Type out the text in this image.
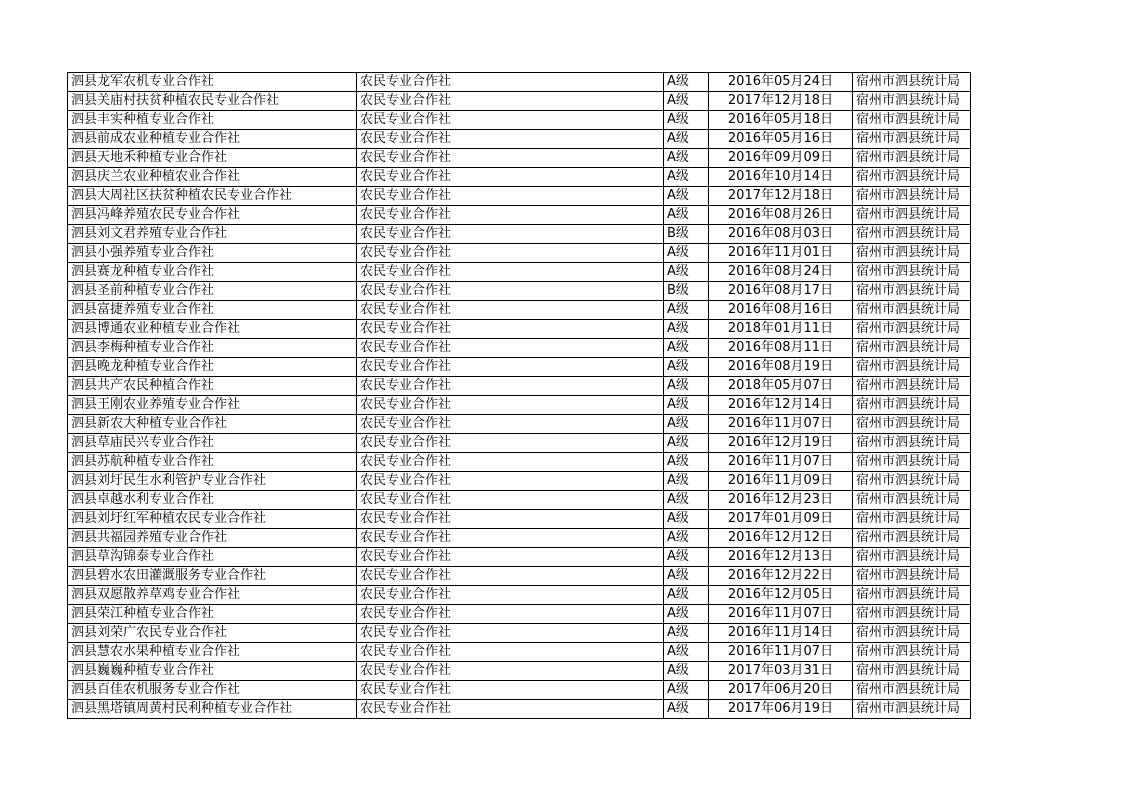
泗县龙军农机专业合作社	农民专业合作社	A级	2016年05月24日	宿州市泗县统计局
泗县关庙村扶贫种植农民专业合作社	农民专业合作社	A级	2017年12月18日	宿州市泗县统计局
泗县丰实种植专业合作社	农民专业合作社	A级	2016年05月18日	宿州市泗县统计局
泗县前成农业种植专业合作社	农民专业合作社	A级	2016年05月16日	宿州市泗县统计局
泗县天地禾种植专业合作社	农民专业合作社	A级	2016年09月09日	宿州市泗县统计局
泗县庆兰农业种植农业合作社	农民专业合作社	A级	2016年10月14日	宿州市泗县统计局
泗县大周社区扶贫种植农民专业合作社	农民专业合作社	A级	2017年12月18日	宿州市泗县统计局
泗县冯峰养殖农民专业合作社	农民专业合作社	A级	2016年08月26日	宿州市泗县统计局
泗县刘文君养殖专业合作社	农民专业合作社	B级	2016年08月03日	宿州市泗县统计局
泗县小强养殖专业合作社	农民专业合作社	A级	2016年11月01日	宿州市泗县统计局
泗县赛龙种植专业合作社	农民专业合作社	A级	2016年08月24日	宿州市泗县统计局
泗县圣前种植专业合作社	农民专业合作社	B级	2016年08月17日	宿州市泗县统计局
泗县富捷养殖专业合作社	农民专业合作社	A级	2016年08月16日	宿州市泗县统计局
泗县博通农业种植专业合作社	农民专业合作社	A级	2018年01月11日	宿州市泗县统计局
泗县李梅种植专业合作社	农民专业合作社	A级	2016年08月11日	宿州市泗县统计局
泗县晚龙种植专业合作社	农民专业合作社	A级	2016年08月19日	宿州市泗县统计局
泗县共产农民种植合作社	农民专业合作社	A级	2018年05月07日	宿州市泗县统计局
泗县王刚农业养殖专业合作社	农民专业合作社	A级	2016年12月14日	宿州市泗县统计局
泗县新农大种植专业合作社	农民专业合作社	A级	2016年11月07日	宿州市泗县统计局
泗县草庙民兴专业合作社	农民专业合作社	A级	2016年12月19日	宿州市泗县统计局
泗县苏航种植专业合作社	农民专业合作社	A级	2016年11月07日	宿州市泗县统计局
泗县刘圩民生水利管护专业合作社	农民专业合作社	A级	2016年11月09日	宿州市泗县统计局
泗县卓越水利专业合作社	农民专业合作社	A级	2016年12月23日	宿州市泗县统计局
泗县刘圩红军种植农民专业合作社	农民专业合作社	A级	2017年01月09日	宿州市泗县统计局
泗县共福园养殖专业合作社	农民专业合作社	A级	2016年12月12日	宿州市泗县统计局
泗县草沟锦泰专业合作社	农民专业合作社	A级	2016年12月13日	宿州市泗县统计局
泗县碧水农田灌溉服务专业合作社	农民专业合作社	A级	2016年12月22日	宿州市泗县统计局
泗县双愿散养草鸡专业合作社	农民专业合作社	A级	2016年12月05日	宿州市泗县统计局
泗县荣江种植专业合作社	农民专业合作社	A级	2016年11月07日	宿州市泗县统计局
泗县刘荣广农民专业合作社	农民专业合作社	A级	2016年11月14日	宿州市泗县统计局
泗县慧农水果种植专业合作社	农民专业合作社	A级	2016年11月07日	宿州市泗县统计局
泗县巍巍种植专业合作社	农民专业合作社	A级	2017年03月31日	宿州市泗县统计局
泗县百佳农机服务专业合作社	农民专业合作社	A级	2017年06月20日	宿州市泗县统计局
泗县黑塔镇周黄村民利种植专业合作社	农民专业合作社	A级	2017年06月19日	宿州市泗县统计局
